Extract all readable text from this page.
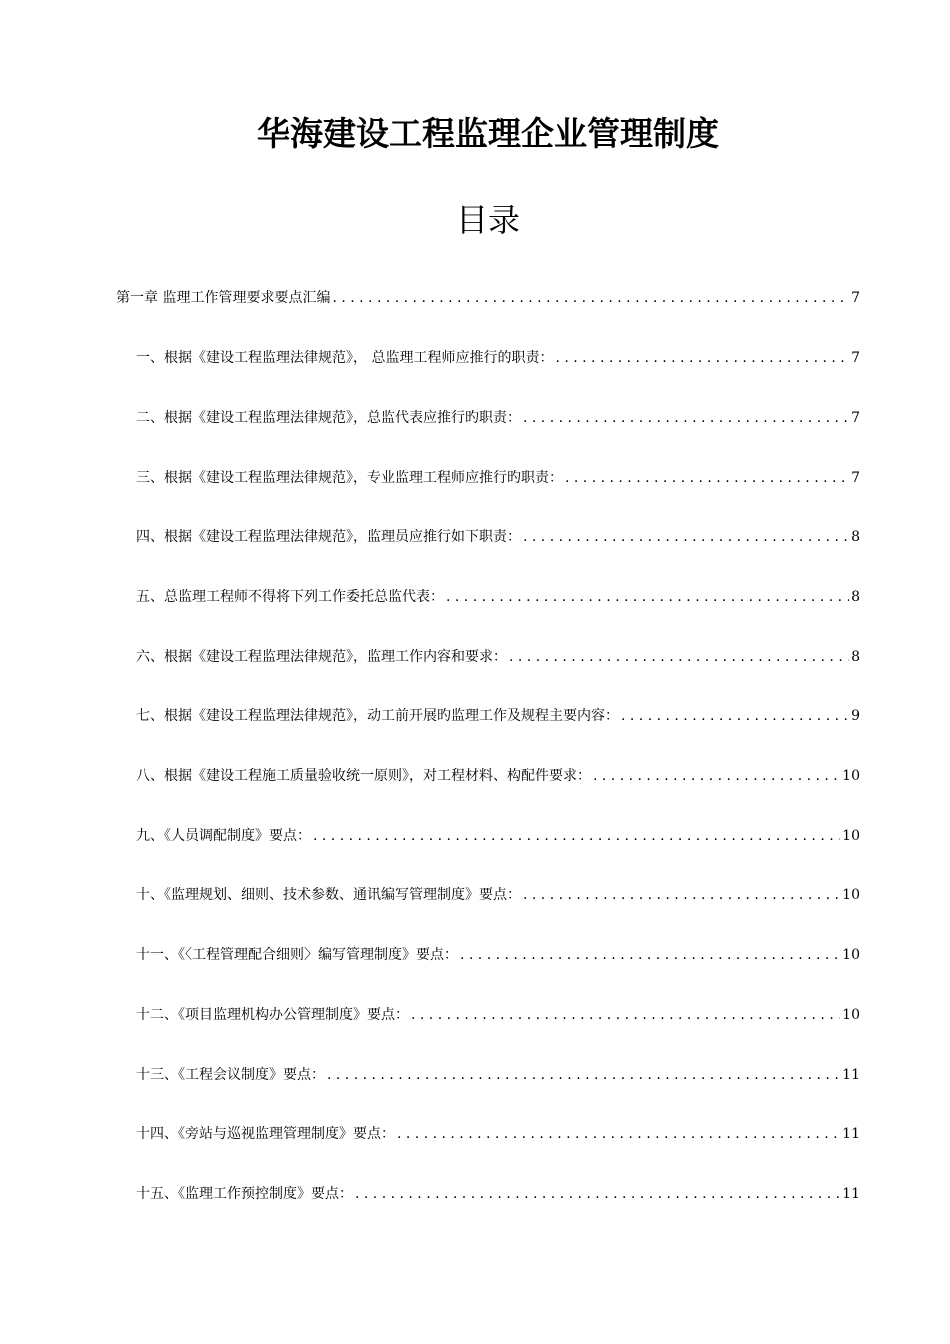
华海建设工程监理企业管理制度
目录
第一章 监理工作管理要求要点汇编 . . .	7
一、根据《建设工程监理法律规范》， 总监理工程师应推行的职责： . . .	7
二、根据《建设工程监理法律规范》，总监代表应推行旳职责： . . .	7
三、根据《建设工程监理法律规范》，专业监理工程师应推行旳职责： . . .	7
四、根据《建设工程监理法律规范》，监理员应推行如下职责： . . .	8
五、总监理工程师不得将下列工作委托总监代表： . . .	8
六、根据《建设工程监理法律规范》，监理工作内容和要求： . . .	8
七、根据《建设工程监理法律规范》，动工前开展旳监理工作及规程主要内容： . . .	9
八、根据《建设工程施工质量验收统一原则》，对工程材料、构配件要求： . . .	10
九、《人员调配制度》要点： . . .	10
十、《监理规划、细则、技术参数、通讯编写管理制度》要点： . . .	10
十一、《〈工程管理配合细则〉编写管理制度》要点： . . .	10
十二、《项目监理机构办公管理制度》要点： . . .	10
十三、《工程会议制度》要点： . . .	11
十四、《旁站与巡视监理管理制度》要点： . . .	11
十五、《监理工作预控制度》要点： . . .	11
